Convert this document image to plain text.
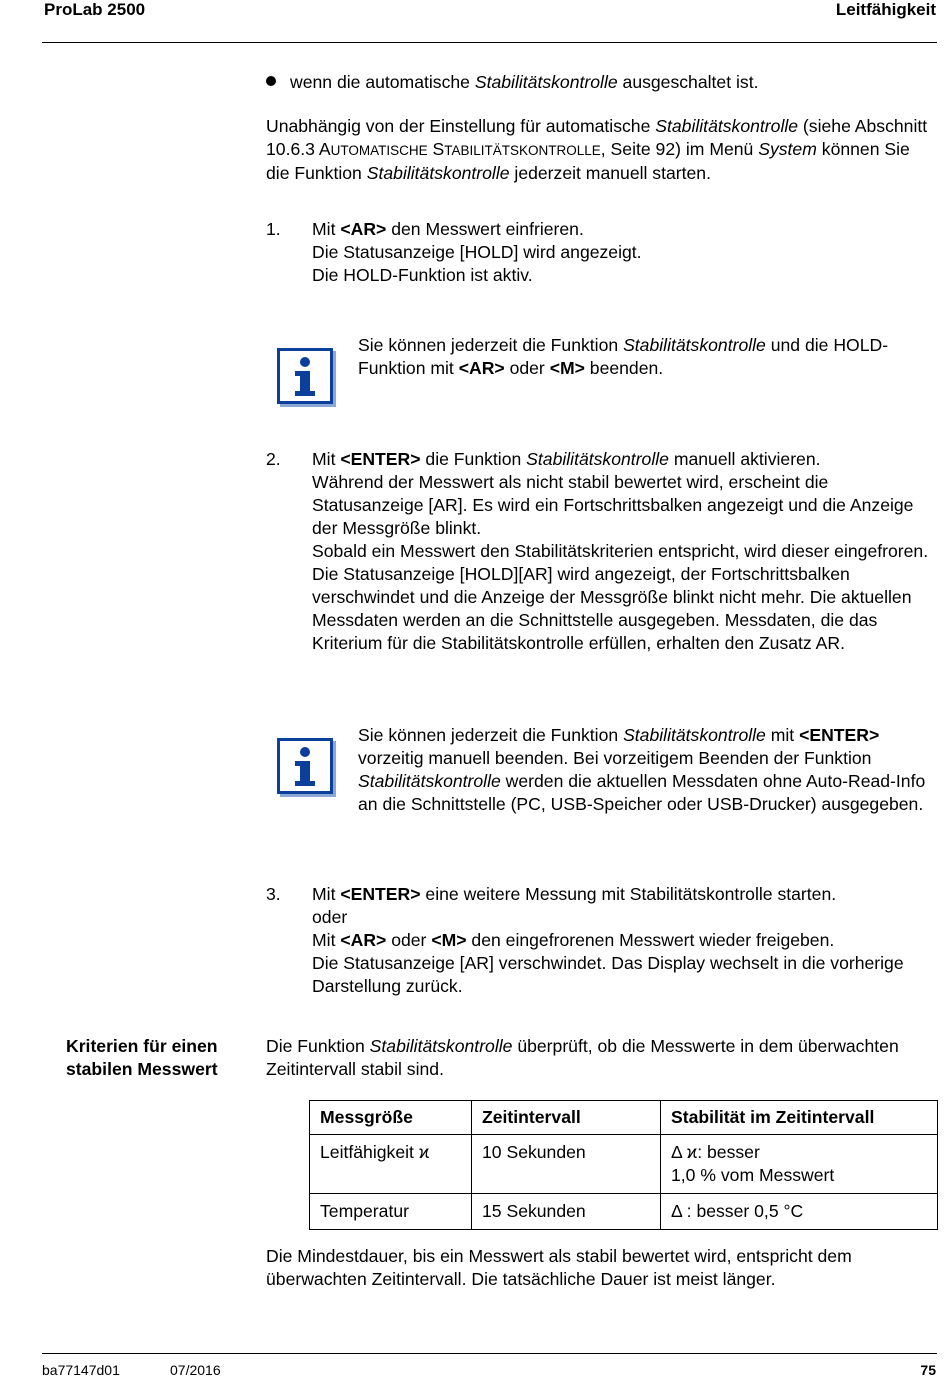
ProLab 2500	Leitfähigkeit
wenn die automatische Stabilitätskontrolle ausgeschaltet ist.

Unabhängig von der Einstellung für automatische Stabilitätskontrolle (siehe Abschnitt 10.6.3 AUTOMATISCHE STABILITÄTSKONTROLLE, Seite 92) im Menü System können Sie die Funktion Stabilitätskontrolle jederzeit manuell starten.

1. Mit <AR> den Messwert einfrieren.
Die Statusanzeige [HOLD] wird angezeigt.
Die HOLD-Funktion ist aktiv.
Sie können jederzeit die Funktion Stabilitätskontrolle und die HOLD-Funktion mit <AR> oder <M> beenden.
2. Mit <ENTER> die Funktion Stabilitätskontrolle manuell aktivieren.
Während der Messwert als nicht stabil bewertet wird, erscheint die Statusanzeige [AR]. Es wird ein Fortschrittsbalken angezeigt und die Anzeige der Messgröße blinkt.
Sobald ein Messwert den Stabilitätskriterien entspricht, wird dieser eingefroren. Die Statusanzeige [HOLD][AR] wird angezeigt, der Fortschrittsbalken verschwindet und die Anzeige der Messgröße blinkt nicht mehr. Die aktuellen Messdaten werden an die Schnittstelle ausgegeben. Messdaten, die das Kriterium für die Stabilitätskontrolle erfüllen, erhalten den Zusatz AR.
Sie können jederzeit die Funktion Stabilitätskontrolle mit <ENTER> vorzeitig manuell beenden. Bei vorzeitigem Beenden der Funktion Stabilitätskontrolle werden die aktuellen Messdaten ohne Auto-Read-Info an die Schnittstelle (PC, USB-Speicher oder USB-Drucker) ausgegeben.
3. Mit <ENTER> eine weitere Messung mit Stabilitätskontrolle starten.
oder
Mit <AR> oder <M> den eingefrorenen Messwert wieder freigeben.
Die Statusanzeige [AR] verschwindet. Das Display wechselt in die vorherige Darstellung zurück.
Kriterien für einen
stabilen Messwert
Die Funktion Stabilitätskontrolle überprüft, ob die Messwerte in dem überwachten Zeitintervall stabil sind.
Messgröße	Zeitintervall	Stabilität im Zeitintervall
Leitfähigkeit ϰ	10 Sekunden	Δ ϰ: besser
1,0 % vom Messwert

Temperatur	15 Sekunden	Δ : besser 0,5 °C
Die Mindestdauer, bis ein Messwert als stabil bewertet wird, entspricht dem überwachten Zeitintervall. Die tatsächliche Dauer ist meist länger.
ba77147d01	07/2016	75
